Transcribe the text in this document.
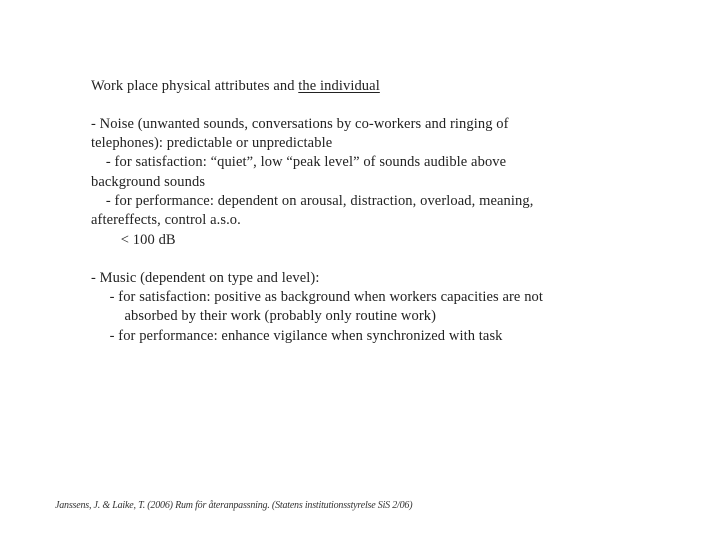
Work place physical attributes and the individual
- Noise (unwanted sounds, conversations by co-workers and ringing of
telephones): predictable or unpredictable
- for satisfaction: “quiet”, low “peak level” of sounds audible above
background sounds
- for performance: dependent on arousal, distraction, overload, meaning,
aftereffects, control a.s.o.
< 100 dB
- Music (dependent on type and level):
- for satisfaction: positive as background when workers capacities are not
absorbed by their work (probably only routine work)
- for performance: enhance vigilance when synchronized with task
Janssens, J. & Laike, T. (2006) Rum för återanpassning. (Statens institutionsstyrelse SiS 2/06)
